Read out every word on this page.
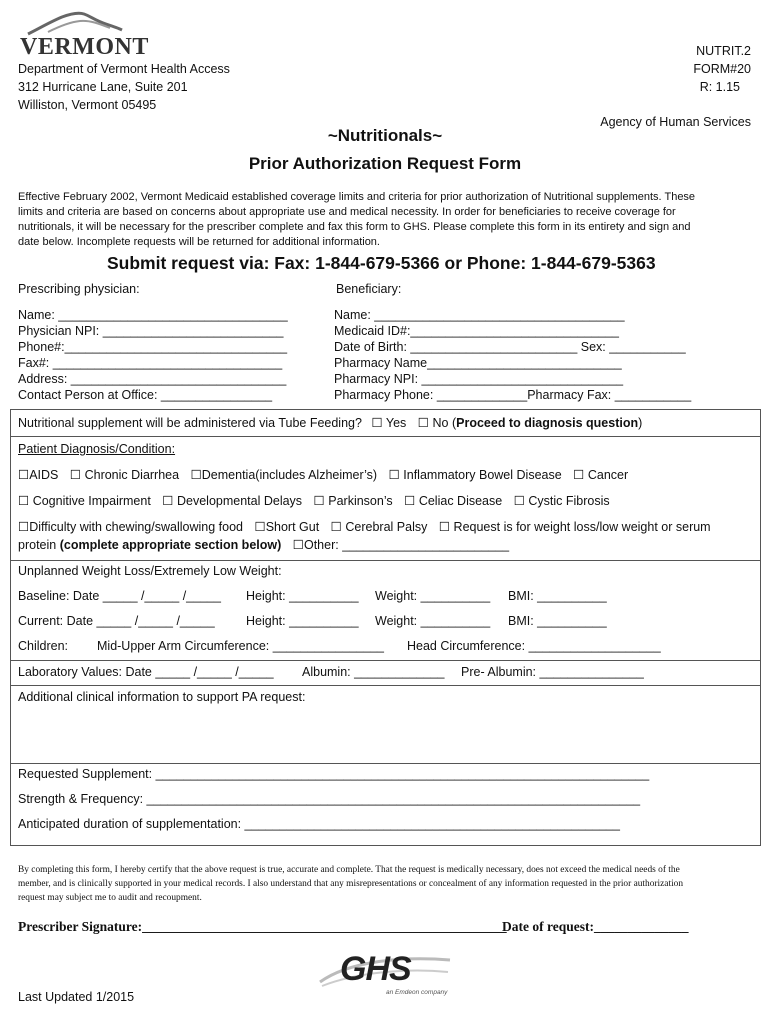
VERMONT
Department of Vermont Health Access
312 Hurricane Lane, Suite 201
Williston, Vermont 05495
NUTRIT.2
FORM#20
R: 1.15
Agency of Human Services
~Nutritionals~
Prior Authorization Request Form
Effective February 2002, Vermont Medicaid established coverage limits and criteria for prior authorization of Nutritional supplements. These
limits and criteria are based on concerns about appropriate use and medical necessity. In order for beneficiaries to receive coverage for
nutritionals, it will be necessary for the prescriber complete and fax this form to GHS. Please complete this form in its entirety and sign and
date below. Incomplete requests will be returned for additional information.
Submit request via: Fax: 1-844-679-5366 or Phone: 1-844-679-5363
Prescribing physician:
Name: _________________________________
Physician NPI: __________________________
Phone#:________________________________
Fax#: _________________________________
Address: _______________________________
Contact Person at Office: ________________
Beneficiary:
Name: ____________________________________
Medicaid ID#:______________________________
Date of Birth: ________________________ Sex: ___________
Pharmacy Name____________________________
Pharmacy NPI: _____________________________
Pharmacy Phone: _____________Pharmacy Fax: ___________
Nutritional supplement will be administered via Tube Feeding? ☐ Yes ☐ No (Proceed to diagnosis question)
Patient Diagnosis/Condition:
☐AIDS ☐ Chronic Diarrhea ☐Dementia(includes Alzheimer’s) ☐ Inflammatory Bowel Disease ☐ Cancer
☐ Cognitive Impairment ☐ Developmental Delays ☐ Parkinson’s ☐ Celiac Disease ☐ Cystic Fibrosis
☐Difficulty with chewing/swallowing food ☐Short Gut ☐ Cerebral Palsy ☐ Request is for weight loss/low weight or serum
protein (complete appropriate section below) ☐Other: ________________________
Unplanned Weight Loss/Extremely Low Weight:
Baseline: Date _____ /_____ /_____ Height: __________ Weight: __________ BMI: __________
Current: Date _____ /_____ /_____	Height: __________ Weight: __________ BMI: __________
Children: Mid-Upper Arm Circumference: ________________ Head Circumference: ___________________
Laboratory Values: Date _____ /_____ /_____ Albumin: _____________ Pre- Albumin: _______________
Additional clinical information to support PA request:
Requested Supplement: _______________________________________________________________________
Strength & Frequency: _______________________________________________________________________
Anticipated duration of supplementation: ______________________________________________________
By completing this form, I hereby certify that the above request is true, accurate and complete. That the request is medically necessary, does not exceed the medical needs of the
member, and is clinically supported in your medical records. I also understand that any misrepresentations or concealment of any information requested in the prior authorization
request may subject me to audit and recoupment.
Prescriber Signature:______________________________________________________
Date of request:______________
GHS
an Emdeon company
Last Updated 1/2015
